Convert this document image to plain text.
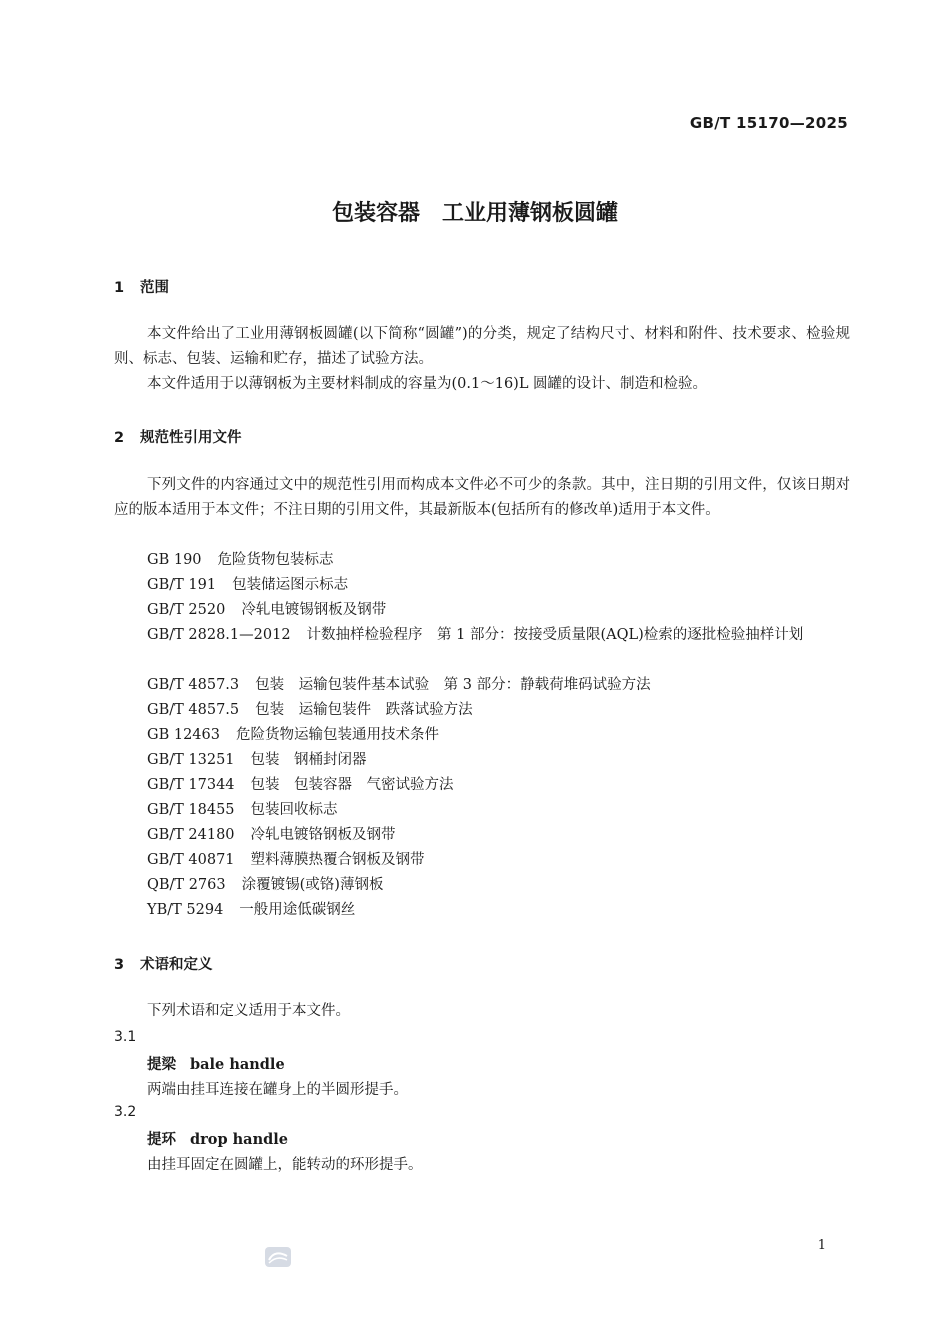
GB/T 15170—2025
包装容器 工业用薄钢板圆罐
1 范围

本文件给出了工业用薄钢板圆罐(以下简称“圆罐”)的分类，规定了结构尺寸、材料和附件、技术要求、检验规则、标志、包装、运输和贮存，描述了试验方法。

本文件适用于以薄钢板为主要材料制成的容量为(0.1～16)L 圆罐的设计、制造和检验。

2 规范性引用文件

下列文件的内容通过文中的规范性引用而构成本文件必不可少的条款。其中，注日期的引用文件，仅该日期对应的版本适用于本文件；不注日期的引用文件，其最新版本(包括所有的修改单)适用于本文件。

GB 190 危险货物包装标志
GB/T 191 包装储运图示标志
GB/T 2520 冷轧电镀锡钢板及钢带

GB/T 2828.1—2012 计数抽样检验程序　第 1 部分：按接受质量限(AQL)检索的逐批检验抽样计划

GB/T 4857.3 包装　运输包装件基本试验　第 3 部分：静载荷堆码试验方法
GB/T 4857.5 包装　运输包装件　跌落试验方法
GB 12463 危险货物运输包装通用技术条件
GB/T 13251 包装　钢桶封闭器
GB/T 17344 包装　包装容器　气密试验方法
GB/T 18455 包装回收标志
GB/T 24180 冷轧电镀铬钢板及钢带
GB/T 40871 塑料薄膜热覆合钢板及钢带
QB/T 2763 涂覆镀锡(或铬)薄钢板
YB/T 5294 一般用途低碳钢丝
3 术语和定义
下列术语和定义适用于本文件。
3.1
提梁 bale handle
两端由挂耳连接在罐身上的半圆形提手。
3.2
提环 drop handle
由挂耳固定在圆罐上，能转动的环形提手。
1
